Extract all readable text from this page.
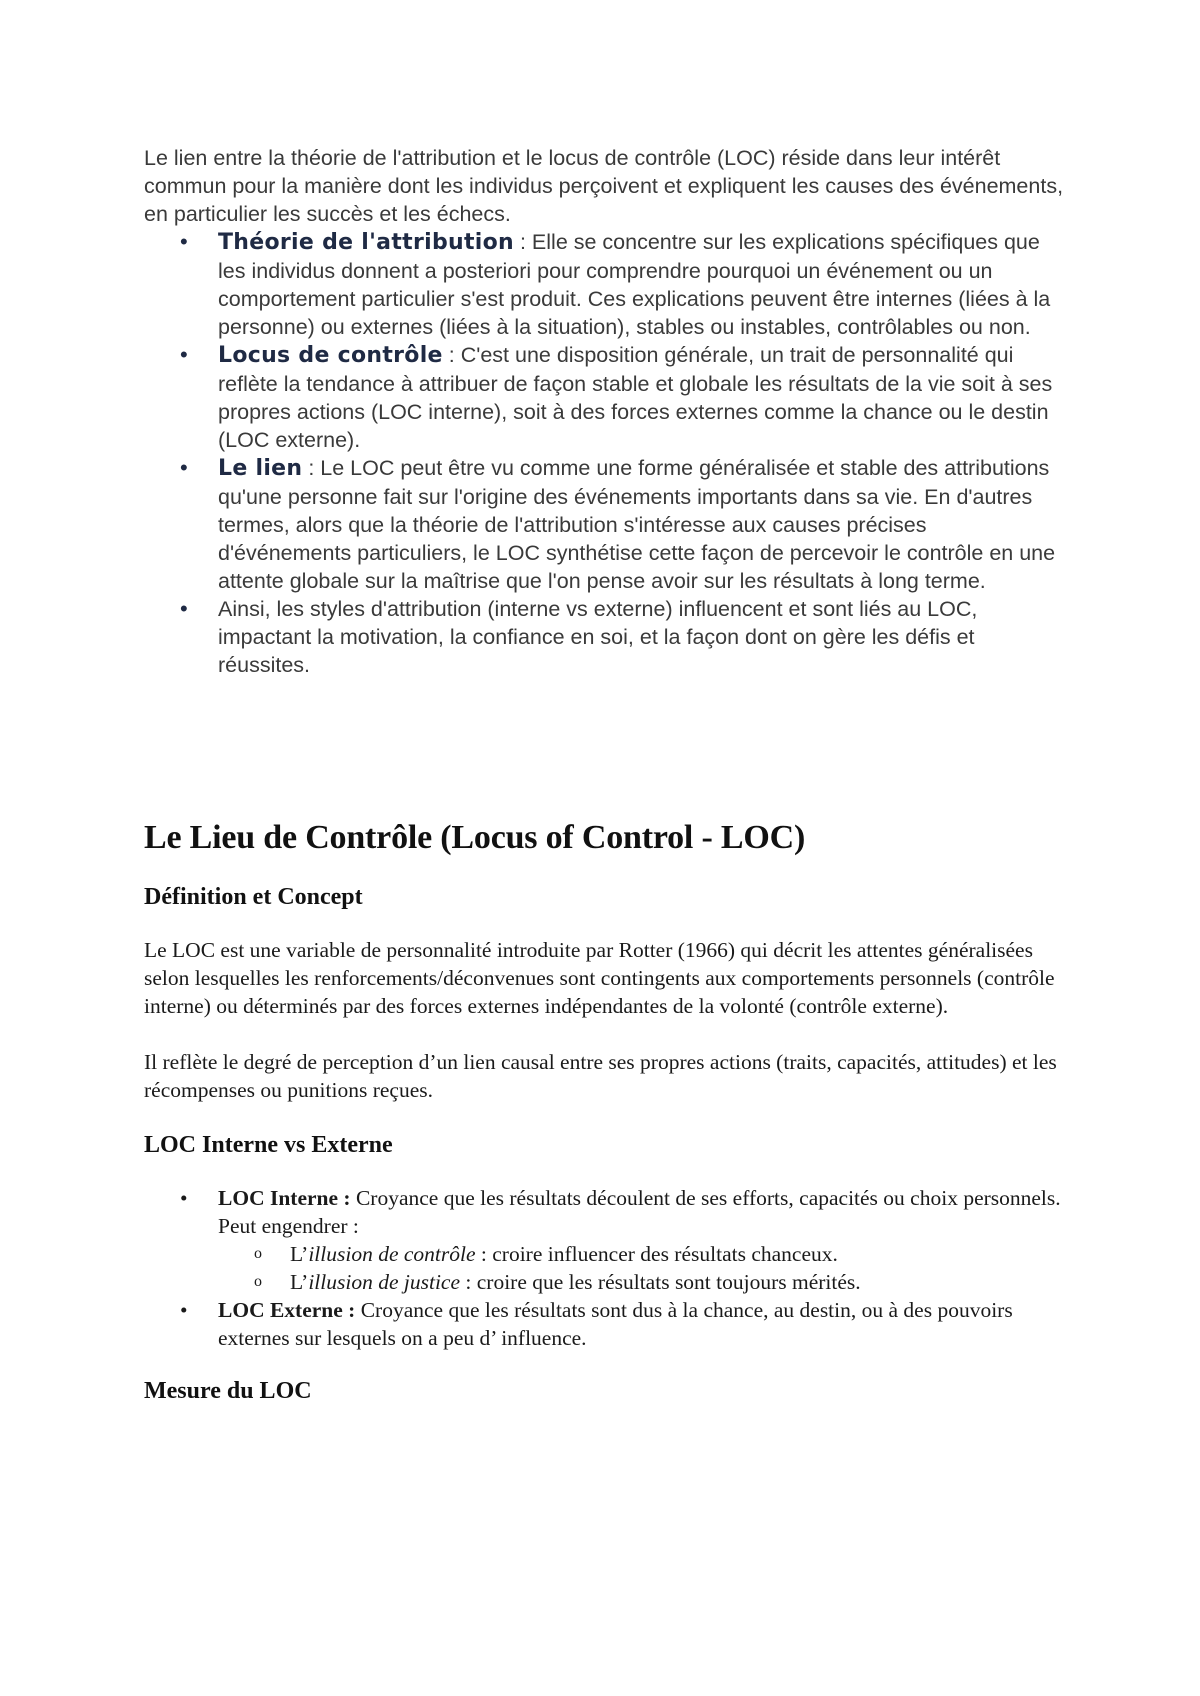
Le lien entre la théorie de l'attribution et le locus de contrôle (LOC) réside dans leur intérêt commun pour la manière dont les individus perçoivent et expliquent les causes des événements, en particulier les succès et les échecs.

• Théorie de l'attribution : Elle se concentre sur les explications spécifiques que les individus donnent a posteriori pour comprendre pourquoi un événement ou un comportement particulier s'est produit. Ces explications peuvent être internes (liées à la personne) ou externes (liées à la situation), stables ou instables, contrôlables ou non.
• Locus de contrôle : C'est une disposition générale, un trait de personnalité qui reflète la tendance à attribuer de façon stable et globale les résultats de la vie soit à ses propres actions (LOC interne), soit à des forces externes comme la chance ou le destin (LOC externe).
• Le lien : Le LOC peut être vu comme une forme généralisée et stable des attributions qu'une personne fait sur l'origine des événements importants dans sa vie. En d'autres termes, alors que la théorie de l'attribution s'intéresse aux causes précises d'événements particuliers, le LOC synthétise cette façon de percevoir le contrôle en une attente globale sur la maîtrise que l'on pense avoir sur les résultats à long terme.
• Ainsi, les styles d'attribution (interne vs externe) influencent et sont liés au LOC, impactant la motivation, la confiance en soi, et la façon dont on gère les défis et réussites.
Le Lieu de Contrôle (Locus of Control - LOC)
Définition et Concept

Le LOC est une variable de personnalité introduite par Rotter (1966) qui décrit les attentes généralisées selon lesquelles les renforcements/déconvenues sont contingents aux comportements personnels (contrôle interne) ou déterminés par des forces externes indépendantes de la volonté (contrôle externe).

Il reflète le degré de perception d’un lien causal entre ses propres actions (traits, capacités, attitudes) et les récompenses ou punitions reçues.

LOC Interne vs Externe
• LOC Interne : Croyance que les résultats découlent de ses efforts, capacités ou choix personnels. Peut engendrer :
o L’illusion de contrôle : croire influencer des résultats chanceux.
o L’illusion de justice : croire que les résultats sont toujours mérités.
• LOC Externe : Croyance que les résultats sont dus à la chance, au destin, ou à des pouvoirs externes sur lesquels on a peu d’ influence.
Mesure du LOC
